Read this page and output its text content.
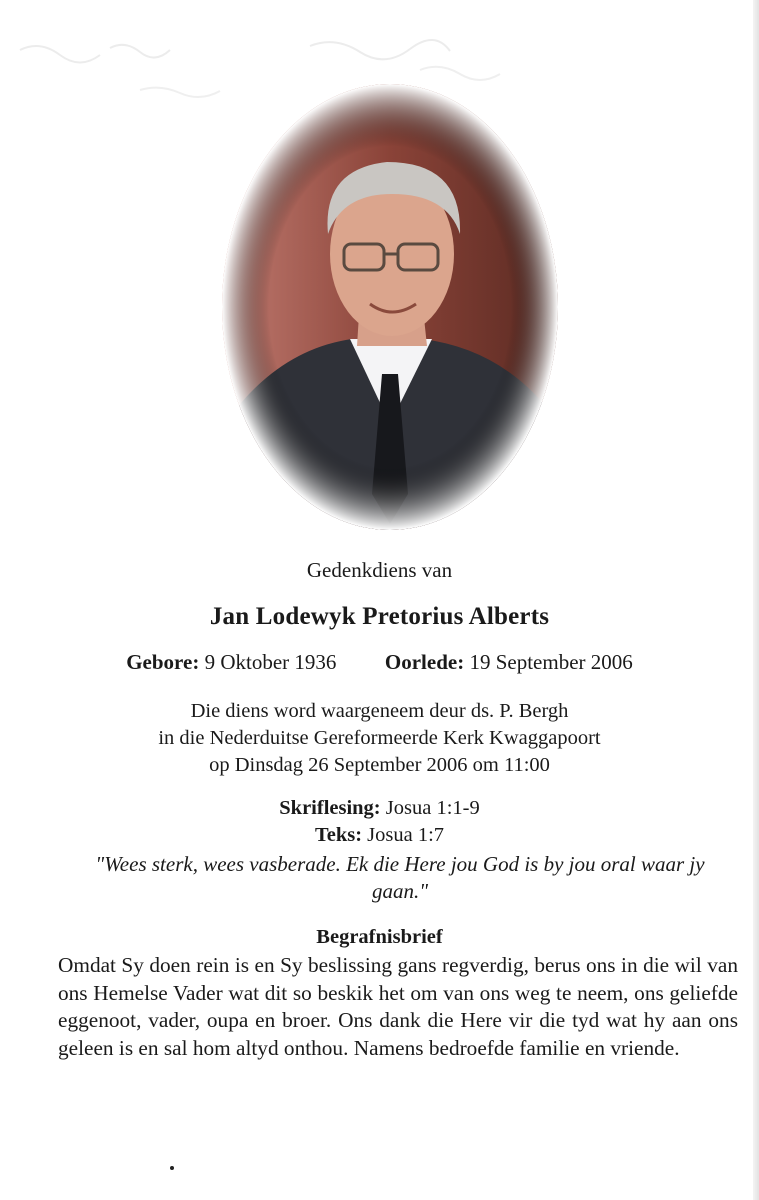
Gedenkdiens van
Jan Lodewyk Pretorius Alberts
Gebore: 9 Oktober 1936 Oorlede: 19 September 2006
Die diens word waargeneem deur ds. P. Bergh
in die Nederduitse Gereformeerde Kerk Kwaggapoort
op Dinsdag 26 September 2006 om 11:00
Skriflesing: Josua 1:1-9
Teks: Josua 1:7
"Wees sterk, wees vasberade. Ek die Here jou God is by jou oral waar jy gaan."
Begrafnisbrief
Omdat Sy doen rein is en Sy beslissing gans regverdig, berus ons in die wil van ons Hemelse Vader wat dit so beskik het om van ons weg te neem, ons geliefde eggenoot, vader, oupa en broer. Ons dank die Here vir die tyd wat hy aan ons geleen is en sal hom altyd onthou. Namens bedroefde familie en vriende.
